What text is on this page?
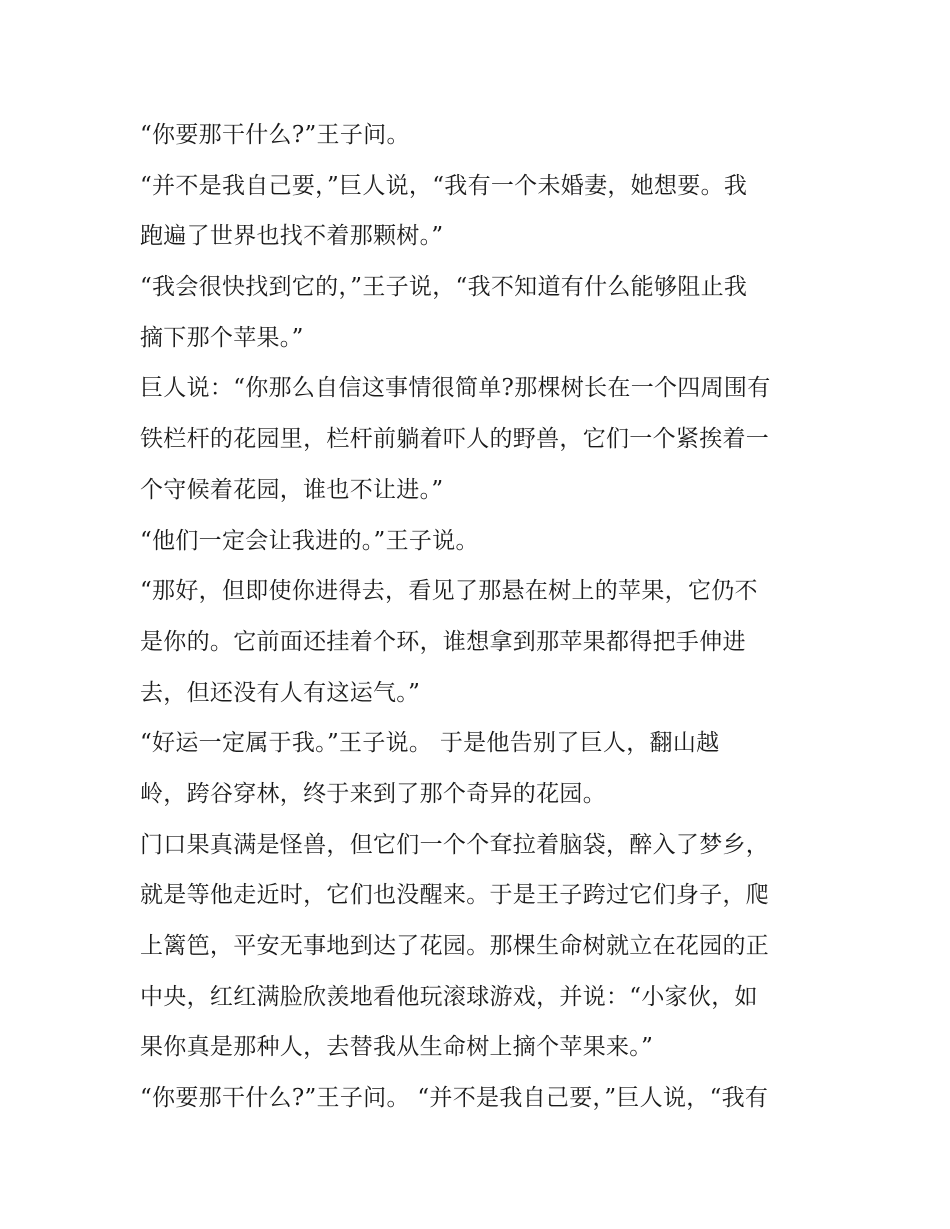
“你要那干什么?”王子问。
“并不是我自己要，”巨人说，“我有一个未婚妻，她想要。我
跑遍了世界也找不着那颗树。”
“我会很快找到它的，”王子说，“我不知道有什么能够阻止我
摘下那个苹果。”
巨人说：“你那么自信这事情很简单?那棵树长在一个四周围有
铁栏杆的花园里，栏杆前躺着吓人的野兽，它们一个紧挨着一
个守候着花园，谁也不让进。”
“他们一定会让我进的。”王子说。
“那好，但即使你进得去，看见了那悬在树上的苹果，它仍不
是你的。它前面还挂着个环，谁想拿到那苹果都得把手伸进
去，但还没有人有这运气。”
“好运一定属于我。”王子说。 于是他告别了巨人，翻山越
岭，跨谷穿林，终于来到了那个奇异的花园。
门口果真满是怪兽，但它们一个个耷拉着脑袋，醉入了梦乡，
就是等他走近时，它们也没醒来。于是王子跨过它们身子，爬
上篱笆，平安无事地到达了花园。那棵生命树就立在花园的正
中央，红红满脸欣羡地看他玩滚球游戏，并说：“小家伙，如
果你真是那种人，去替我从生命树上摘个苹果来。”
“你要那干什么?”王子问。 “并不是我自己要，”巨人说，“我有
